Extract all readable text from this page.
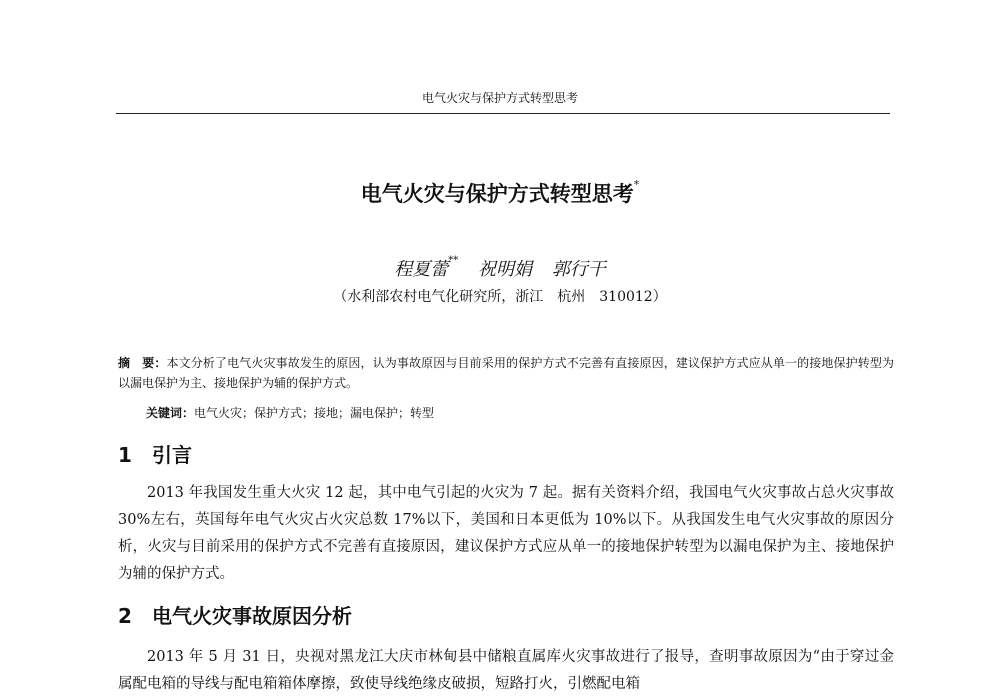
电气火灾与保护方式转型思考
电气火灾与保护方式转型思考*
程夏蕾** 祝明娟 郭行干
（水利部农村电气化研究所，浙江　杭州　310012）
摘　要：本文分析了电气火灾事故发生的原因，认为事故原因与目前采用的保护方式不完善有直接原因，建议保护方式应从单一的接地保护转型为以漏电保护为主、接地保护为辅的保护方式。
关键词：电气火灾；保护方式；接地；漏电保护；转型
1 引言
2013 年我国发生重大火灾 12 起，其中电气引起的火灾为 7 起。据有关资料介绍，我国电气火灾事故占总火灾事故 30%左右，英国每年电气火灾占火灾总数 17%以下，美国和日本更低为 10%以下。从我国发生电气火灾事故的原因分析，火灾与目前采用的保护方式不完善有直接原因，建议保护方式应从单一的接地保护转型为以漏电保护为主、接地保护为辅的保护方式。
2 电气火灾事故原因分析
2013 年 5 月 31 日，央视对黑龙江大庆市林甸县中储粮直属库火灾事故进行了报导，查明事故原因为“由于穿过金属配电箱的导线与配电箱箱体摩擦，致使导线绝缘皮破损，短路打火，引燃配电箱
